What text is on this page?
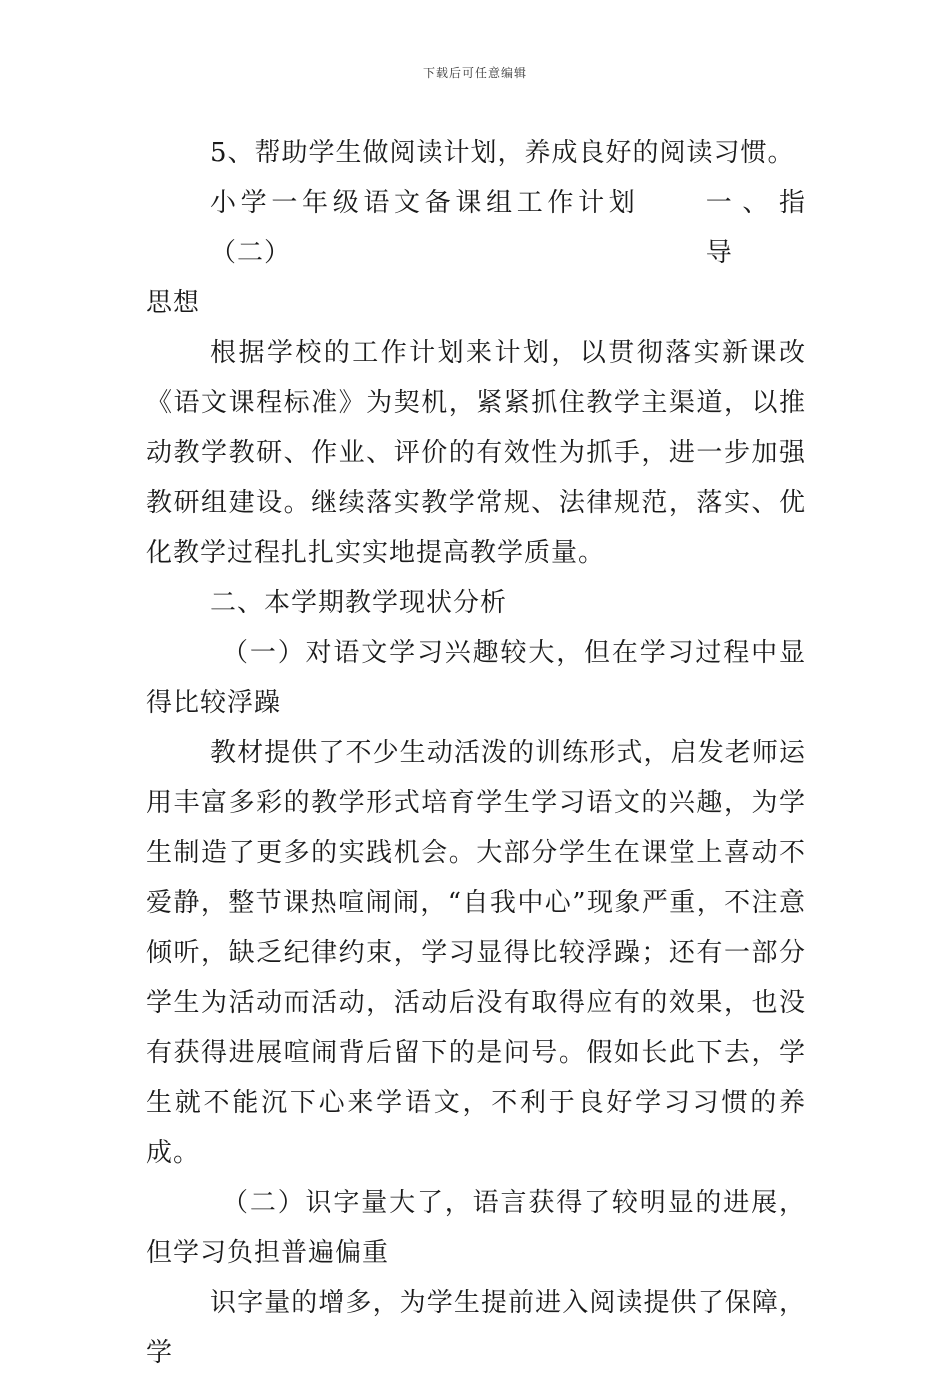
下载后可任意编辑

5、帮助学生做阅读计划，养成良好的阅读习惯。

小学一年级语文备课组工作计划（二）
一、指导

思想

根据学校的工作计划来计划，以贯彻落实新课改《语文课程标准》为契机，紧紧抓住教学主渠道，以推动教学教研、作业、评价的有效性为抓手，进一步加强教研组建设。继续落实教学常规、法律规范，落实、优化教学过程扎扎实实地提高教学质量。

二、本学期教学现状分析

（一）对语文学习兴趣较大，但在学习过程中显得比较浮躁

教材提供了不少生动活泼的训练形式，启发老师运用丰富多彩的教学形式培育学生学习语文的兴趣，为学生制造了更多的实践机会。大部分学生在课堂上喜动不爱静，整节课热喧闹闹，“自我中心”现象严重，不注意倾听，缺乏纪律约束，学习显得比较浮躁；还有一部分学生为活动而活动，活动后没有取得应有的效果，也没有获得进展喧闹背后留下的是问号。假如长此下去，学生就不能沉下心来学语文，不利于良好学习习惯的养成。

（二）识字量大了，语言获得了较明显的进展，但学习负担普遍偏重

识字量的增多，为学生提前进入阅读提供了保障，学
